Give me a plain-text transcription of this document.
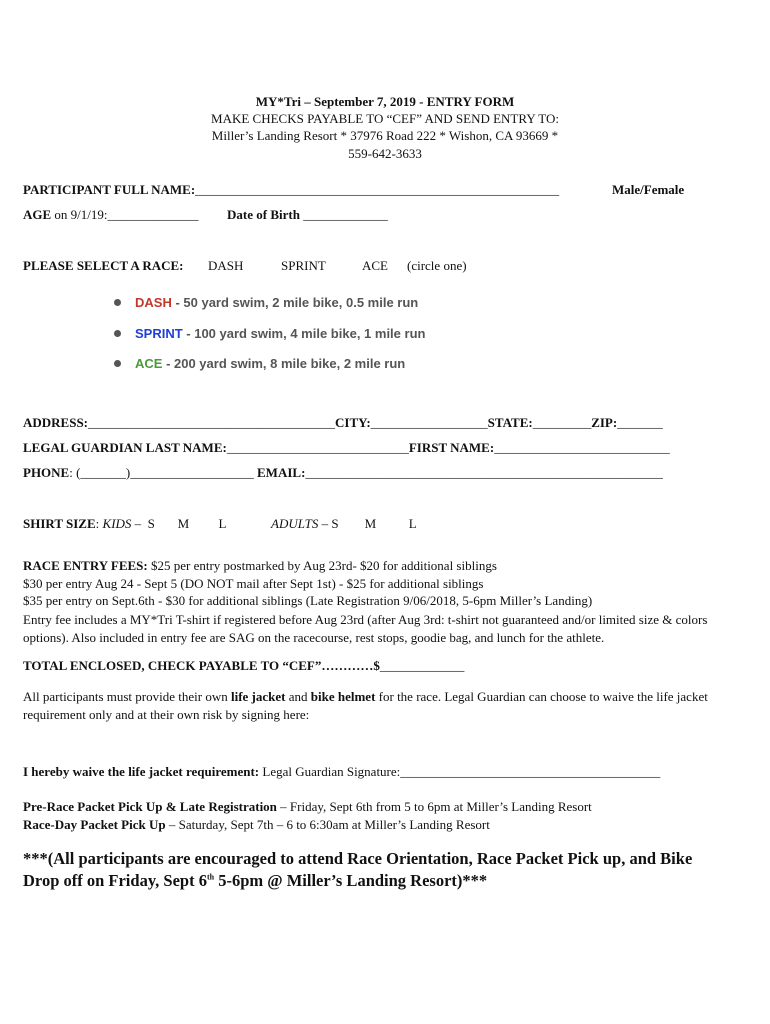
MY*Tri – September 7, 2019 - ENTRY FORM
MAKE CHECKS PAYABLE TO “CEF” AND SEND ENTRY TO:
Miller’s Landing Resort * 37976 Road 222 * Wishon, CA 93669 *
559-642-3633
PARTICIPANT FULL NAME:________________________________________________________	Male/Female
AGE on 9/1/19:______________ Date of Birth _____________
PLEASE SELECT A RACE: DASH	SPRINT	ACE (circle one)
DASH - 50 yard swim, 2 mile bike, 0.5 mile run
SPRINT - 100 yard swim, 4 mile bike, 1 mile run
ACE - 200 yard swim, 8 mile bike, 2 mile run
ADDRESS:______________________________________CITY:__________________STATE:_________ZIP:_______
LEGAL GUARDIAN LAST NAME:____________________________FIRST NAME:___________________________
PHONE: (_______)___________________ EMAIL:_______________________________________________________
SHIRT SIZE: KIDS –  S       M         L	ADULTS – S        M          L
RACE ENTRY FEES: $25 per entry postmarked by Aug 23rd- $20 for additional siblings
$30 per entry Aug 24 - Sept 5 (DO NOT mail after Sept 1st) - $25 for additional siblings
$35 per entry on Sept.6th - $30 for additional siblings (Late Registration 9/06/2018, 5-6pm Miller’s Landing)
Entry fee includes a MY*Tri T-shirt if registered before Aug 23rd (after Aug 3rd: t-shirt not guaranteed and/or limited size & colors options). Also included in entry fee are SAG on the racecourse, rest stops, goodie bag, and lunch for the athlete.
TOTAL ENCLOSED, CHECK PAYABLE TO “CEF”…………$_____________
All participants must provide their own life jacket and bike helmet for the race. Legal Guardian can choose to waive the life jacket requirement only and at their own risk by signing here:
I hereby waive the life jacket requirement: Legal Guardian Signature:________________________________________
Pre-Race Packet Pick Up & Late Registration – Friday, Sept 6th from 5 to 6pm at Miller’s Landing Resort
Race-Day Packet Pick Up – Saturday, Sept 7th – 6 to 6:30am at Miller’s Landing Resort
***(All participants are encouraged to attend Race Orientation, Race Packet Pick up, and Bike
Drop off on Friday, Sept 6th 5-6pm @ Miller’s Landing Resort)***
